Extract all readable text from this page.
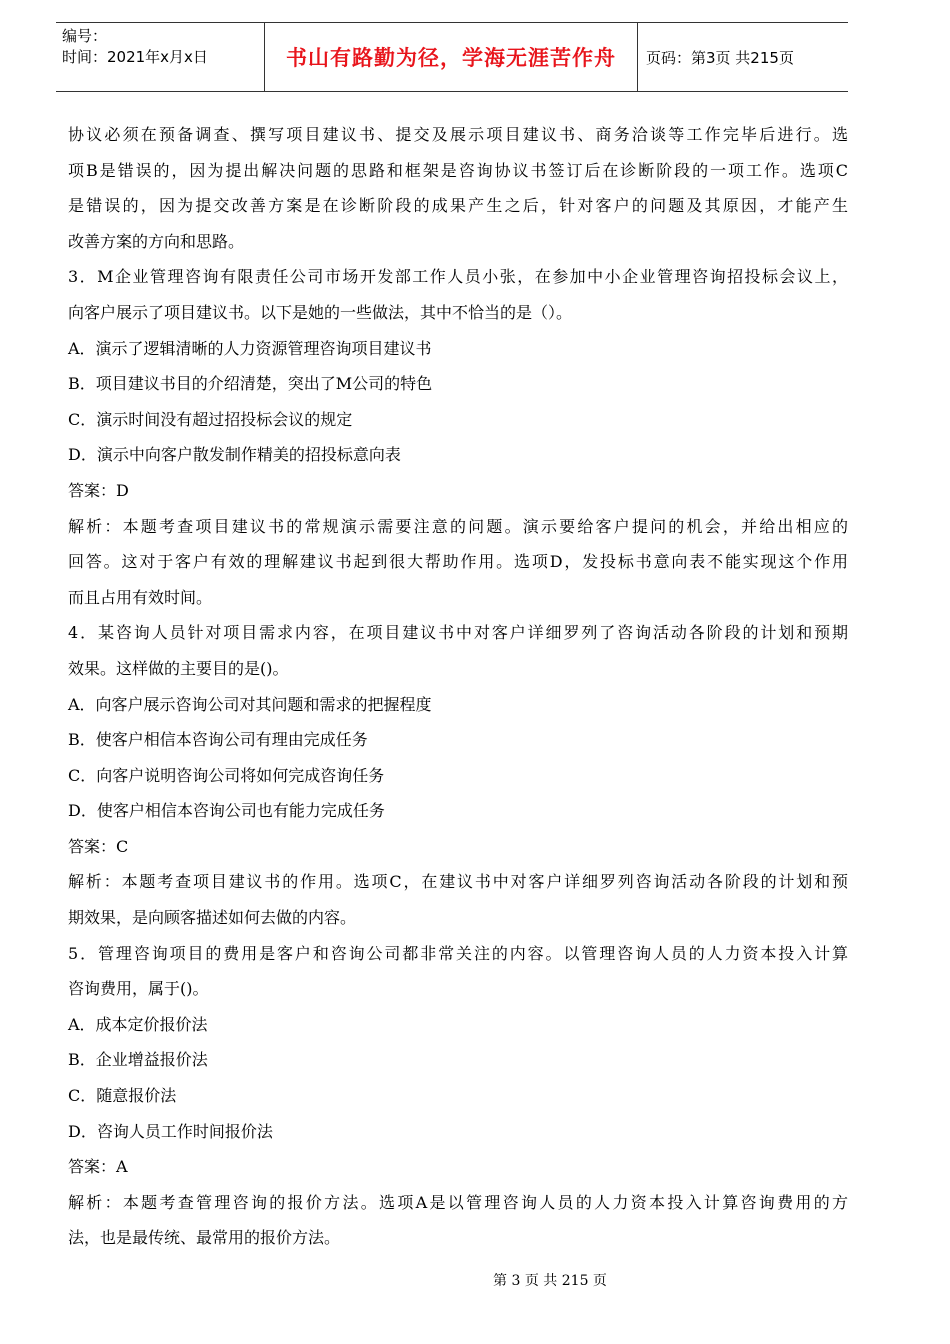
编号：
时间：2021年x月x日	书山有路勤为径，学海无涯苦作舟	页码：第3页 共215页

协议必须在预备调查、撰写项目建议书、提交及展示项目建议书、商务洽谈等工作完毕后进行。选

项B是错误的，因为提出解决问题的思路和框架是咨询协议书签订后在诊断阶段的一项工作。选项C

是错误的，因为提交改善方案是在诊断阶段的成果产生之后，针对客户的问题及其原因，才能产生

改善方案的方向和思路。

3．M企业管理咨询有限责任公司市场开发部工作人员小张，在参加中小企业管理咨询招投标会议上，

向客户展示了项目建议书。以下是她的一些做法，其中不恰当的是（）。

A．演示了逻辑清晰的人力资源管理咨询项目建议书

B．项目建议书目的介绍清楚，突出了M公司的特色

C．演示时间没有超过招投标会议的规定

D．演示中向客户散发制作精美的招投标意向表

答案：D

解析：本题考查项目建议书的常规演示需要注意的问题。演示要给客户提问的机会，并给出相应的

回答。这对于客户有效的理解建议书起到很大帮助作用。选项D，发投标书意向表不能实现这个作用

而且占用有效时间。

4．某咨询人员针对项目需求内容，在项目建议书中对客户详细罗列了咨询活动各阶段的计划和预期

效果。这样做的主要目的是()。

A．向客户展示咨询公司对其问题和需求的把握程度

B．使客户相信本咨询公司有理由完成任务

C．向客户说明咨询公司将如何完成咨询任务

D．使客户相信本咨询公司也有能力完成任务

答案：C

解析：本题考查项目建议书的作用。选项C，在建议书中对客户详细罗列咨询活动各阶段的计划和预

期效果，是向顾客描述如何去做的内容。

5．管理咨询项目的费用是客户和咨询公司都非常关注的内容。以管理咨询人员的人力资本投入计算

咨询费用，属于()。

A．成本定价报价法

B．企业增益报价法

C．随意报价法

D．咨询人员工作时间报价法

答案：A

解析：本题考查管理咨询的报价方法。选项A是以管理咨询人员的人力资本投入计算咨询费用的方

法，也是最传统、最常用的报价方法。

第 3 页 共 215 页
